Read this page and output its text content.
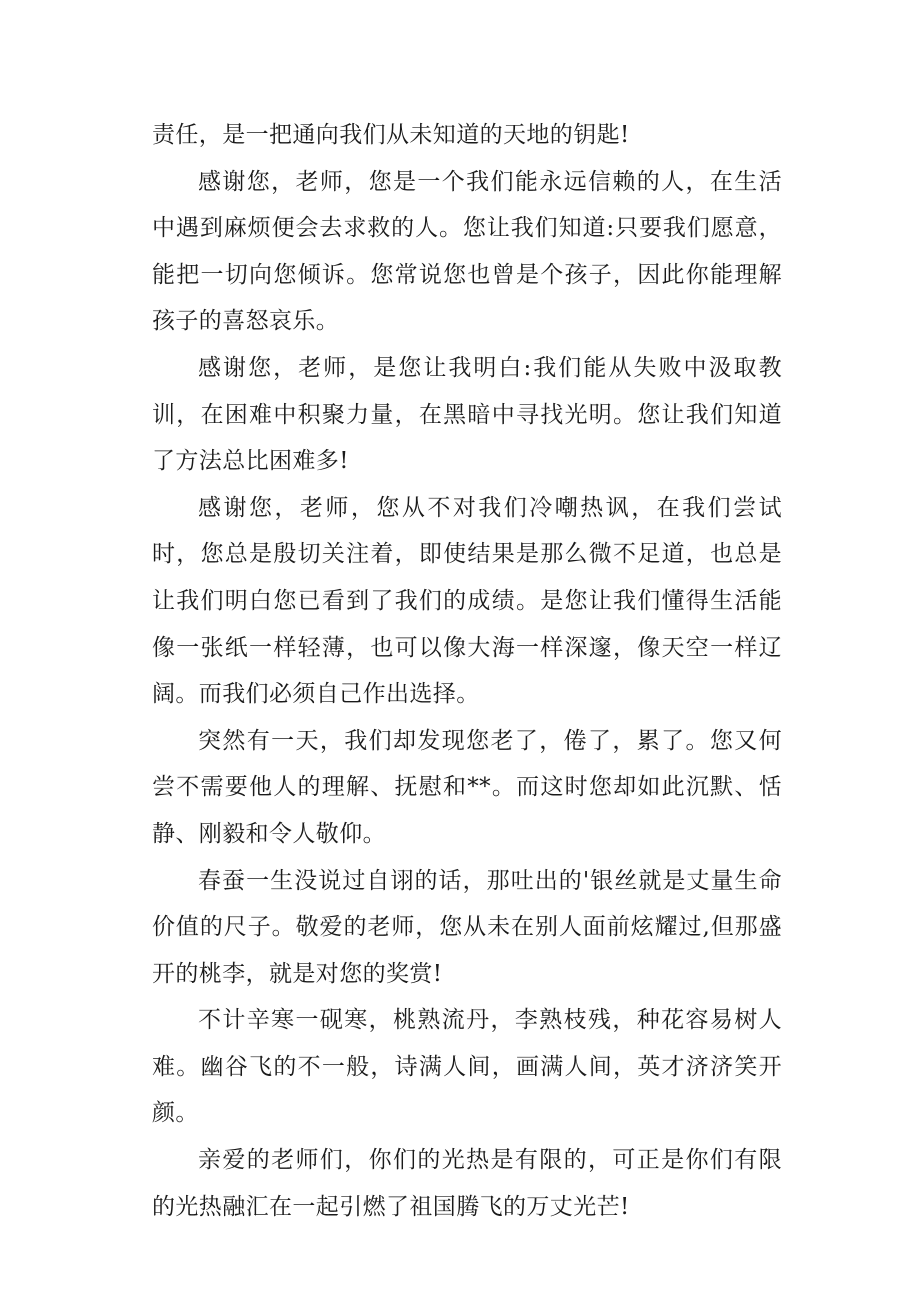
责任，是一把通向我们从未知道的天地的钥匙!

感谢您，老师，您是一个我们能永远信赖的人，在生活中遇到麻烦便会去求救的人。您让我们知道:只要我们愿意，能把一切向您倾诉。您常说您也曾是个孩子，因此你能理解孩子的喜怒哀乐。

感谢您，老师，是您让我明白:我们能从失败中汲取教训，在困难中积聚力量，在黑暗中寻找光明。您让我们知道了方法总比困难多!

感谢您，老师，您从不对我们冷嘲热讽，在我们尝试时，您总是殷切关注着，即使结果是那么微不足道，也总是让我们明白您已看到了我们的成绩。是您让我们懂得生活能像一张纸一样轻薄，也可以像大海一样深邃，像天空一样辽阔。而我们必须自己作出选择。

突然有一天，我们却发现您老了，倦了，累了。您又何尝不需要他人的理解、抚慰和**。而这时您却如此沉默、恬静、刚毅和令人敬仰。

春蚕一生没说过自诩的话，那吐出的'银丝就是丈量生命价值的尺子。敬爱的老师，您从未在别人面前炫耀过,但那盛开的桃李，就是对您的奖赏!

不计辛寒一砚寒，桃熟流丹，李熟枝残，种花容易树人难。幽谷飞的不一般，诗满人间，画满人间，英才济济笑开颜。

亲爱的老师们，你们的光热是有限的，可正是你们有限的光热融汇在一起引燃了祖国腾飞的万丈光芒!
